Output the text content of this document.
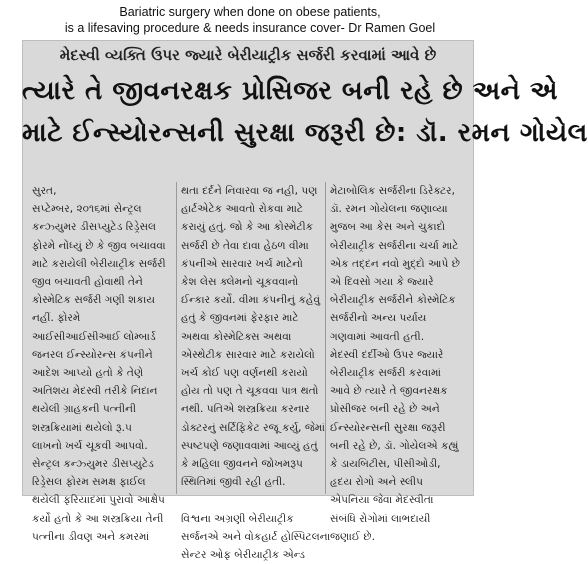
Bariatric surgery when done on obese patients,
is a lifesaving procedure & needs insurance cover- Dr Ramen Goel
મેદસ્વી વ્યક્તિ ઉપર જ્યારે બેરીયાટ્રીક સર્જરી કરવામાં આવે છે
ત્યારે તે જીવનરક્ષક પ્રોસિજર બની રહે છે અને એ
માટે ઈન્સ્યોરન્સની સુરક્ષા જરૂરી છે: ડૉ. રમન ગોયેલ
સુરત,
સપ્ટેમ્બર, ૨૦૧૬માં સેન્ટ્રલ
કન્ઝ્યુમર ડીસપ્યુટેડ રિડ્રેસલ
ફોરમે નોંધ્યું છે કે જીવ બચાવવા
માટે કરાયેલી બેરીયાટ્રીક સર્જરી
જીવ બચાવતી હોવાથી તેને
કોસ્મેટિક સર્જરી ગણી શકાય
નહીં. ફોરમે
આઈસીઆઈસીઆઈ લોમ્બાર્ડ
જનરલ ઈન્સ્યોરન્સ કંપનીને
આદેશ આપ્યો હતો કે તેણે
અતિશય મેદસ્વી તરીકે નિદાન
થયેલી ગ્રાહકની પત્નીની
શસ્ત્રક્રિયામાં થયેલો રૂ.૫
લાખનો ખર્ચ ચૂકવી આપવો.
સેન્ટ્રલ કન્ઝ્યુમર ડીસપ્યુટેડ
રિડ્રેસલ ફોરમ સમક્ષ ફાઈલ
થયેલી ફરિયાદમાં પુરાવો આક્ષેપ
કર્યો હતો કે આ શસ્ત્રક્રિયા તેની
પત્નીના ડીવણ અને કમરમાં
થતા દર્દને નિવારવા જ નહી, પણ
હાર્ટએટેક આવતો રોકવા માટે
કરાયું હતું. જો કે આ કોસ્મેટીક
સર્જરી છે તેવા દાવા હેઠળ વીમા
કંપનીએ સારવાર ખર્ચ માટેનો
કેશ લેસ ક્લેમનો ચૂકવવાનો
ઈન્કાર કર્યો. વીમા કંપનીનું કહેવું
હતું કે જીવનમાં ફેરફાર માટે
અથવા કોસ્મેટિક્સ અથવા
એસ્થેટીક સારવાર માટે કરાયેલો
ખર્ચ કોઈ પણ વર્ણનથી કરાયો
હોય તો પણ તે ચૂકવવા પાત્ર થતો
નથી. પતિએ શસ્ત્રક્રિયા કરનાર
ડોક્ટરનું સર્ટિફિકેટ રજૂ કર્યુ, જેમાં
સ્પષ્ટપણે જણાવવામાં આવ્યું હતું
કે મહિલા જીવનને જોખમરૂપ
સ્થિતિમાં જીવી રહી હતી.

વિશ્વના અગ્રણી બેરીયાટ્રીક
સર્જનએ અને વોકહાર્ટ હોસ્પિટલના
સેન્ટર ઓફ બેરીયાટ્રીક એન્ડ
મેટાબોલિક સર્જરીના ડિરેક્ટર,
ડૉ. રમન ગોયેલના જણાવ્યા
મુજબ આ કેસ અને ચુકાદો
બેરીયાટ્રીક સર્જરીના ચર્ચા માટે
એક તદ્દન નવો મુદ્દો આપે છે
એ દિવસો ગયા કે જ્યારે
બેરીયાટ્રીક સર્જરીને કોસ્મેટિક
સર્જરીનો અન્ય પર્યાય
ગણવામાં આવતી હતી.
મેદસ્વી દર્દીઓ ઉપર જ્યારે
બેરીયાટ્રીક સર્જરી કરવામાં
આવે છે ત્યારે તે જીવનરક્ષક
પ્રોસીજર બની રહે છે અને
ઈન્સ્યોરન્સની સુરક્ષા જરૂરી
બની રહે છે, ડૉ. ગોયેલએ કહ્યું
કે ડાયબિટીસ, પીસીઓડી,
હૃદય રોગો અને સ્લીપ
એપનિયા જેવા મેદસ્વીતા
સંબંધિ રોગોમાં લાભદાયી
જણાઈ છે.
